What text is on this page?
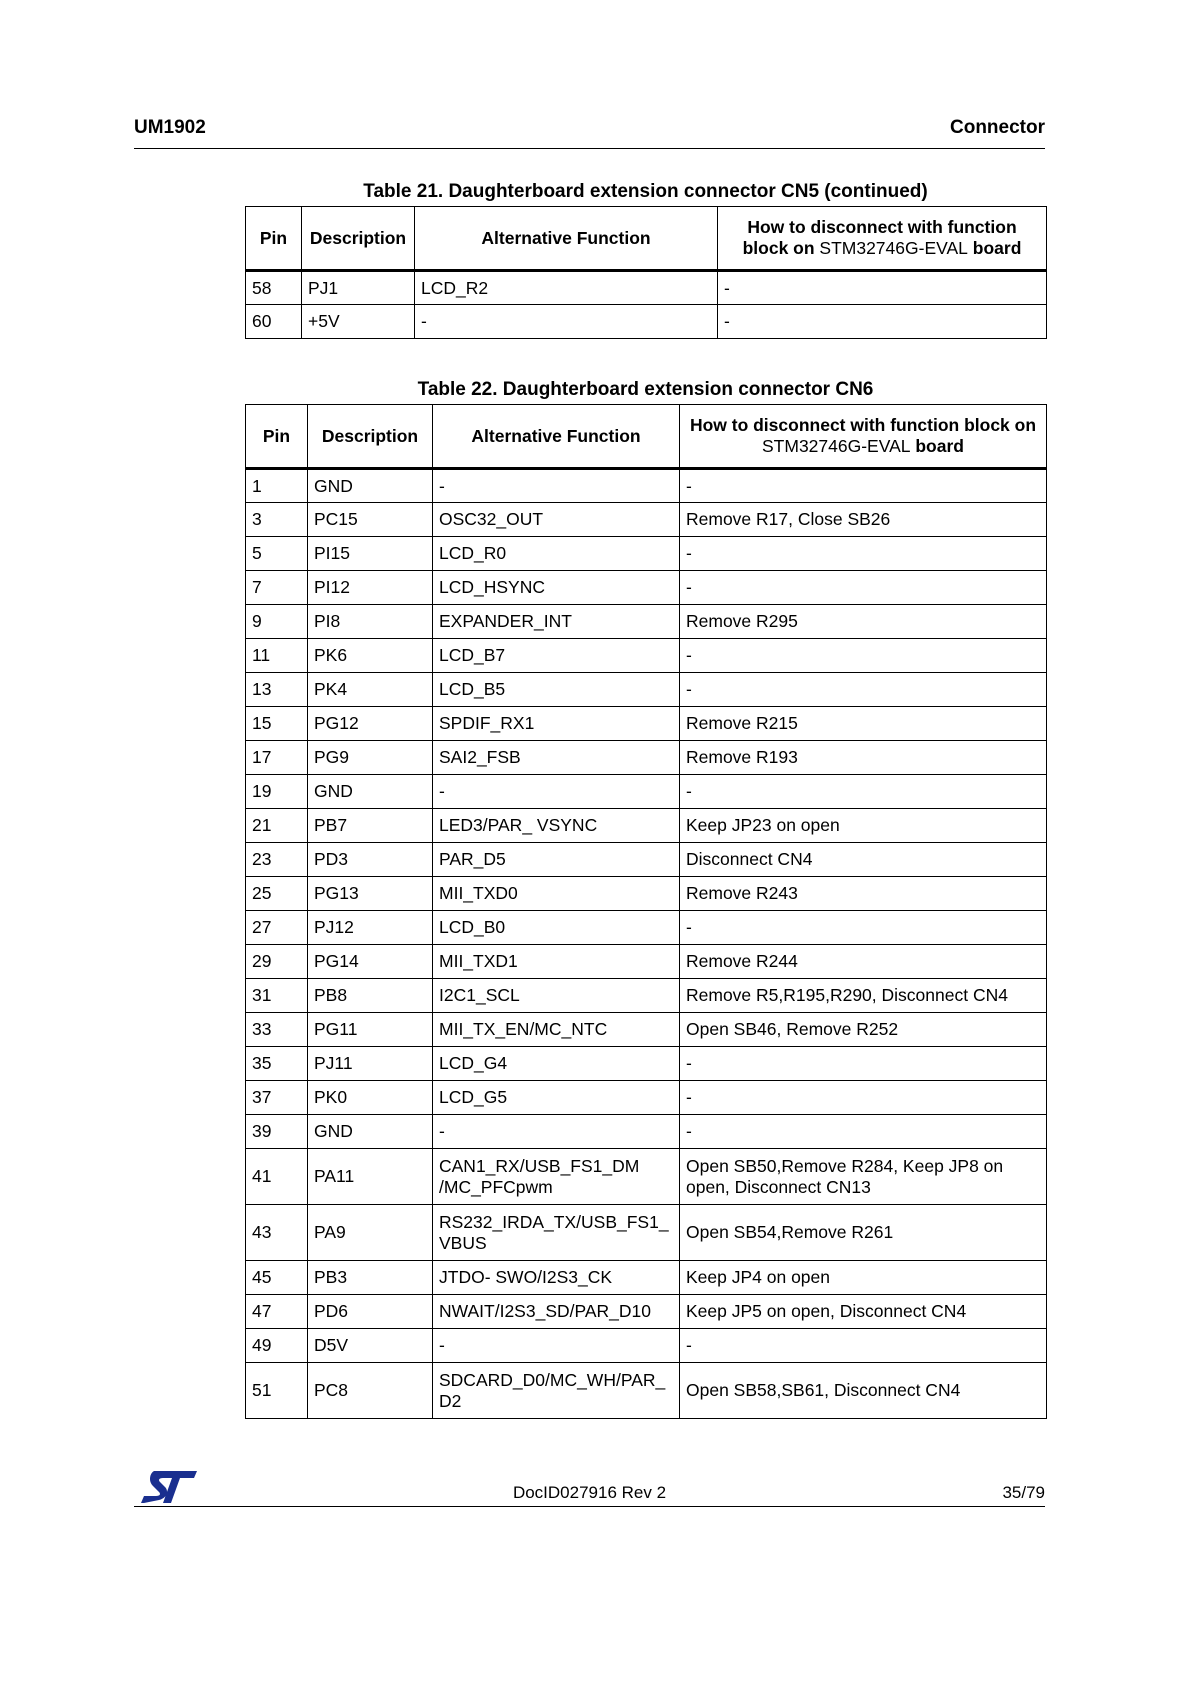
UM1902	Connector
Table 21. Daughterboard extension connector CN5 (continued)
Pin	Description	Alternative Function	How to disconnect with function block on STM32746G-EVAL board
58	PJ1	LCD_R2	-
60	+5V	-	-
Table 22. Daughterboard extension connector CN6
Pin	Description	Alternative Function	How to disconnect with function block on STM32746G-EVAL board
1	GND	-	-
3	PC15	OSC32_OUT	Remove R17, Close SB26
5	PI15	LCD_R0	-
7	PI12	LCD_HSYNC	-
9	PI8	EXPANDER_INT	Remove R295
11	PK6	LCD_B7	-
13	PK4	LCD_B5	-
15	PG12	SPDIF_RX1	Remove R215
17	PG9	SAI2_FSB	Remove R193
19	GND	-	-
21	PB7	LED3/PAR_ VSYNC	Keep JP23 on open
23	PD3	PAR_D5	Disconnect CN4
25	PG13	MII_TXD0	Remove R243
27	PJ12	LCD_B0	-
29	PG14	MII_TXD1	Remove R244
31	PB8	I2C1_SCL	Remove R5,R195,R290, Disconnect CN4
33	PG11	MII_TX_EN/MC_NTC	Open SB46, Remove R252
35	PJ11	LCD_G4	-
37	PK0	LCD_G5	-
39	GND	-	-
41	PA11	CAN1_RX/USB_FS1_DM /MC_PFCpwm	Open SB50,Remove R284, Keep JP8 on open, Disconnect CN13
43	PA9	RS232_IRDA_TX/USB_FS1_ VBUS	Open SB54,Remove R261
45	PB3	JTDO- SWO/I2S3_CK	Keep JP4 on open
47	PD6	NWAIT/I2S3_SD/PAR_D10	Keep JP5 on open, Disconnect CN4
49	D5V	-	-
51	PC8	SDCARD_D0/MC_WH/PAR_ D2	Open SB58,SB61, Disconnect CN4
DocID027916 Rev 2	35/79
